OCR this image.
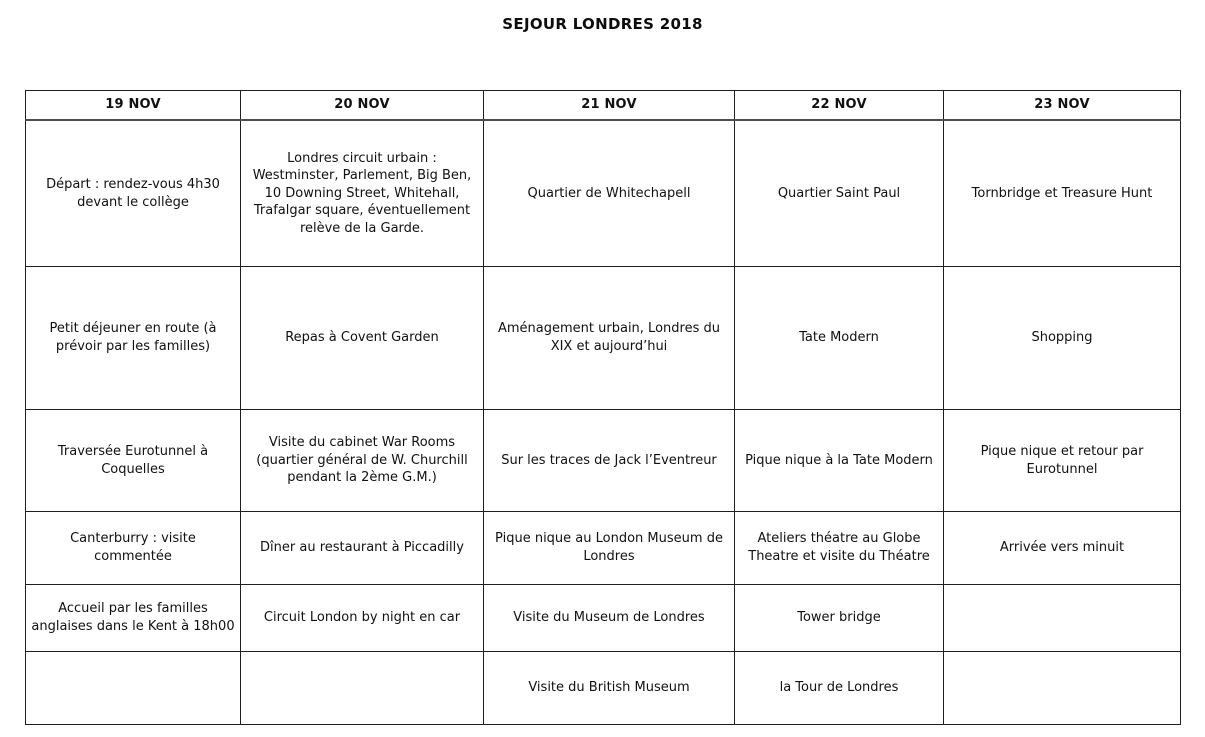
SEJOUR LONDRES 2018
19 NOV	20 NOV	21 NOV	22 NOV	23 NOV
Départ : rendez-vous 4h30 devant le collège	Londres circuit urbain : Westminster, Parlement, Big Ben, 10 Downing Street, Whitehall, Trafalgar square, éventuellement relève de la Garde.	Quartier de Whitechapell	Quartier Saint Paul	Tornbridge et Treasure Hunt
Petit déjeuner en route (à prévoir par les familles)	Repas à Covent Garden	Aménagement urbain, Londres du XIX et aujourd’hui	Tate Modern	Shopping
Traversée Eurotunnel à Coquelles	Visite du cabinet War Rooms (quartier général de W. Churchill pendant la 2ème G.M.)	Sur les traces de Jack l’Eventreur	Pique nique à la Tate Modern	Pique nique et retour par Eurotunnel
Canterburry : visite commentée	Dîner au restaurant à Piccadilly	Pique nique au London Museum de Londres	Ateliers théatre au Globe Theatre et visite du Théatre	Arrivée vers minuit
Accueil par les familles anglaises dans le Kent à 18h00	Circuit London by night en car	Visite du Museum de Londres	Tower bridge	
		Visite du British Museum	la Tour de Londres	
